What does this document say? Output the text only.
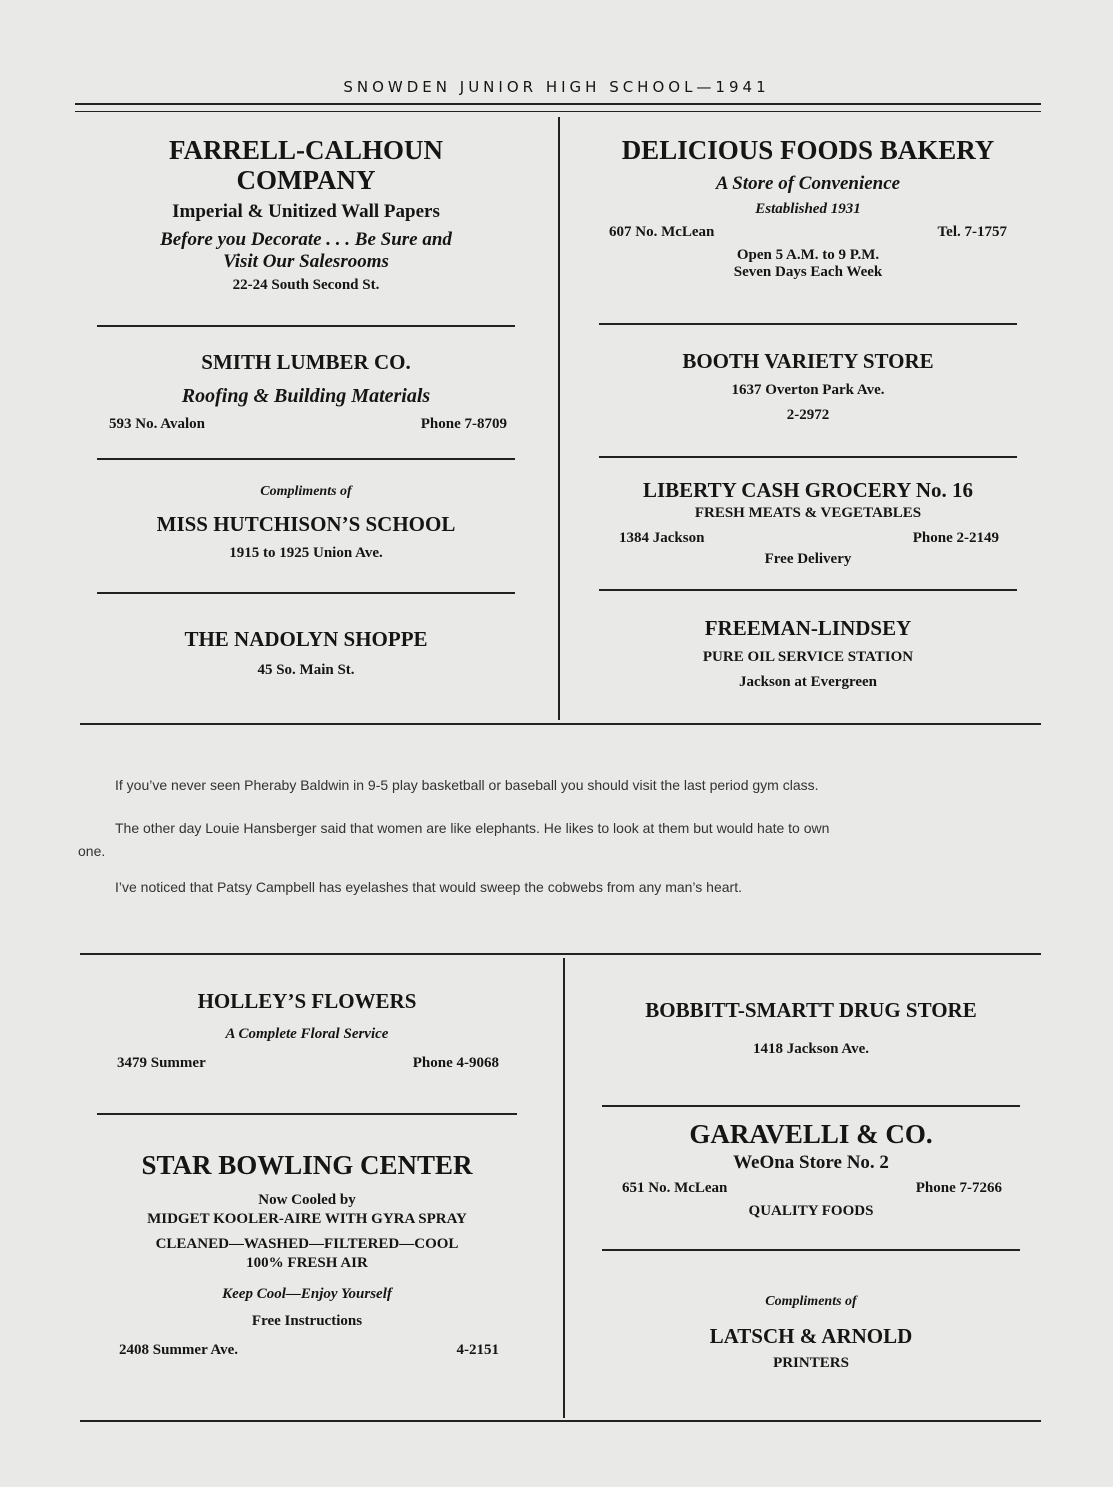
SNOWDEN JUNIOR HIGH SCHOOL—1941
FARRELL-CALHOUN
COMPANY
Imperial & Unitized Wall Papers
Before you Decorate . . . Be Sure and
Visit Our Salesrooms
22-24 South Second St.
SMITH LUMBER CO.
Roofing & Building Materials
593 No. Avalon	Phone 7-8709
Compliments of
MISS HUTCHISON’S SCHOOL
1915 to 1925 Union Ave.
THE NADOLYN SHOPPE
45 So. Main St.
DELICIOUS FOODS BAKERY
A Store of Convenience
Established 1931
607 No. McLean	Tel. 7-1757
Open 5 A.M. to 9 P.M.
Seven Days Each Week
BOOTH VARIETY STORE
1637 Overton Park Ave.
2-2972
LIBERTY CASH GROCERY No. 16
FRESH MEATS & VEGETABLES
1384 Jackson	Phone 2-2149
Free Delivery
FREEMAN-LINDSEY
PURE OIL SERVICE STATION
Jackson at Evergreen
If you’ve never seen Pheraby Baldwin in 9-5 play basketball or baseball you should visit the last period gym class.
The other day Louie Hansberger said that women are like elephants. He likes to look at them but would hate to own
one.
I’ve noticed that Patsy Campbell has eyelashes that would sweep the cobwebs from any man’s heart.
HOLLEY’S FLOWERS
A Complete Floral Service
3479 Summer	Phone 4-9068
STAR BOWLING CENTER
Now Cooled by
MIDGET KOOLER-AIRE WITH GYRA SPRAY
CLEANED—WASHED—FILTERED—COOL
100% FRESH AIR
Keep Cool—Enjoy Yourself
Free Instructions
2408 Summer Ave.	4-2151
BOBBITT-SMARTT DRUG STORE
1418 Jackson Ave.
GARAVELLI & CO.
WeOna Store No. 2
651 No. McLean	Phone 7-7266
QUALITY FOODS
Compliments of
LATSCH & ARNOLD
PRINTERS
